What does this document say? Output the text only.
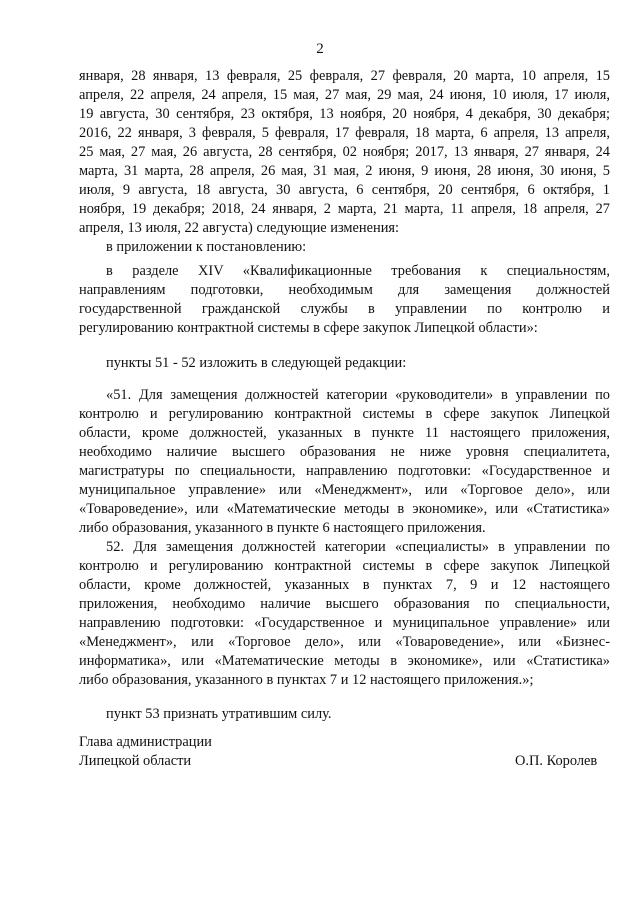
2
января, 28 января, 13 февраля, 25 февраля, 27 февраля, 20 марта, 10 апреля, 15
апреля, 22 апреля, 24 апреля, 15 мая, 27 мая, 29 мая, 24 июня, 10 июля, 17 июля,
19 августа, 30 сентября, 23 октября, 13 ноября, 20 ноября, 4 декабря, 30 декабря;
2016, 22 января, 3 февраля, 5 февраля, 17 февраля, 18 марта, 6 апреля, 13 апреля,
25 мая, 27 мая, 26 августа, 28 сентября, 02 ноября; 2017, 13 января, 27 января, 24
марта, 31 марта, 28 апреля, 26 мая, 31 мая, 2 июня, 9 июня, 28 июня, 30 июня, 5
июля, 9 августа, 18 августа, 30 августа, 6 сентября, 20 сентября, 6 октября, 1
ноября, 19 декабря; 2018, 24 января, 2 марта, 21 марта, 11 апреля, 18 апреля, 27
апреля, 13 июля, 22 августа) следующие изменения:
в приложении к постановлению:
в разделе XIV «Квалификационные требования к специальностям,
направлениям подготовки, необходимым для замещения должностей
государственной гражданской службы в управлении по контролю и
регулированию контрактной системы в сфере закупок Липецкой области»:
пункты 51 - 52 изложить в следующей редакции:
«51. Для замещения должностей категории «руководители» в управлении по
контролю и регулированию контрактной системы в сфере закупок Липецкой
области, кроме должностей, указанных в пункте 11 настоящего приложения,
необходимо наличие высшего образования не ниже уровня специалитета,
магистратуры по специальности, направлению подготовки: «Государственное и
муниципальное управление» или «Менеджмент», или «Торговое дело», или
«Товароведение», или «Математические методы в экономике», или «Статистика»
либо образования, указанного в пункте 6 настоящего приложения.
52. Для замещения должностей категории «специалисты» в управлении по
контролю и регулированию контрактной системы в сфере закупок Липецкой
области, кроме должностей, указанных в пунктах 7, 9 и 12 настоящего
приложения, необходимо наличие высшего образования по специальности,
направлению подготовки: «Государственное и муниципальное управление» или
«Менеджмент», или «Торговое дело», или «Товароведение», или «Бизнес-
информатика», или «Математические методы в экономике», или «Статистика»
либо образования, указанного в пунктах 7 и 12 настоящего приложения.»;
пункт 53 признать утратившим силу.
Глава администрации
Липецкой области	О.П. Королев
